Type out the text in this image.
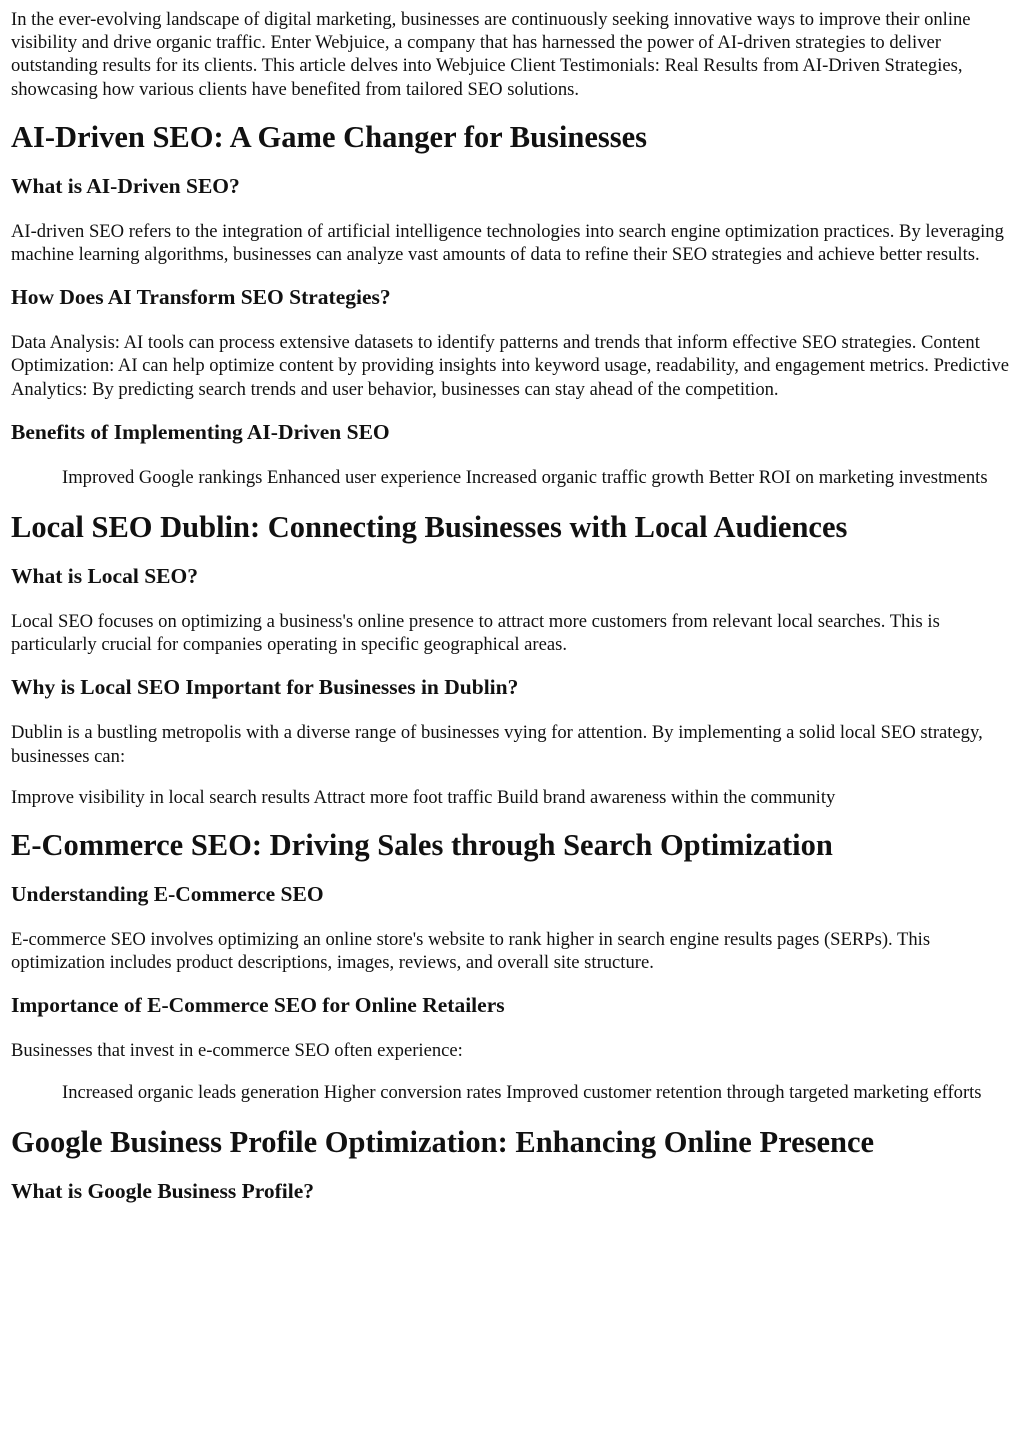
In the ever-evolving landscape of digital marketing, businesses are continuously seeking innovative ways to improve their online visibility and drive organic traffic. Enter Webjuice, a company that has harnessed the power of AI-driven strategies to deliver outstanding results for its clients. This article delves into Webjuice Client Testimonials: Real Results from AI-Driven Strategies, showcasing how various clients have benefited from tailored SEO solutions.

AI-Driven SEO: A Game Changer for Businesses
What is AI-Driven SEO?

AI-driven SEO refers to the integration of artificial intelligence technologies into search engine optimization practices. By leveraging machine learning algorithms, businesses can analyze vast amounts of data to refine their SEO strategies and achieve better results.

How Does AI Transform SEO Strategies?

Data Analysis: AI tools can process extensive datasets to identify patterns and trends that inform effective SEO strategies. Content Optimization: AI can help optimize content by providing insights into keyword usage, readability, and engagement metrics. Predictive Analytics: By predicting search trends and user behavior, businesses can stay ahead of the competition.

Benefits of Implementing AI-Driven SEO
Improved Google rankings Enhanced user experience Increased organic traffic growth Better ROI on marketing investments
Local SEO Dublin: Connecting Businesses with Local Audiences
What is Local SEO?

Local SEO focuses on optimizing a business's online presence to attract more customers from relevant local searches. This is particularly crucial for companies operating in specific geographical areas.

Why is Local SEO Important for Businesses in Dublin?

Dublin is a bustling metropolis with a diverse range of businesses vying for attention. By implementing a solid local SEO strategy, businesses can:

Improve visibility in local search results Attract more foot traffic Build brand awareness within the community

E-Commerce SEO: Driving Sales through Search Optimization
Understanding E-Commerce SEO

E-commerce SEO involves optimizing an online store's website to rank higher in search engine results pages (SERPs). This optimization includes product descriptions, images, reviews, and overall site structure.

Importance of E-Commerce SEO for Online Retailers

Businesses that invest in e-commerce SEO often experience:

Increased organic leads generation Higher conversion rates Improved customer retention through targeted marketing efforts
Google Business Profile Optimization: Enhancing Online Presence
What is Google Business Profile?
